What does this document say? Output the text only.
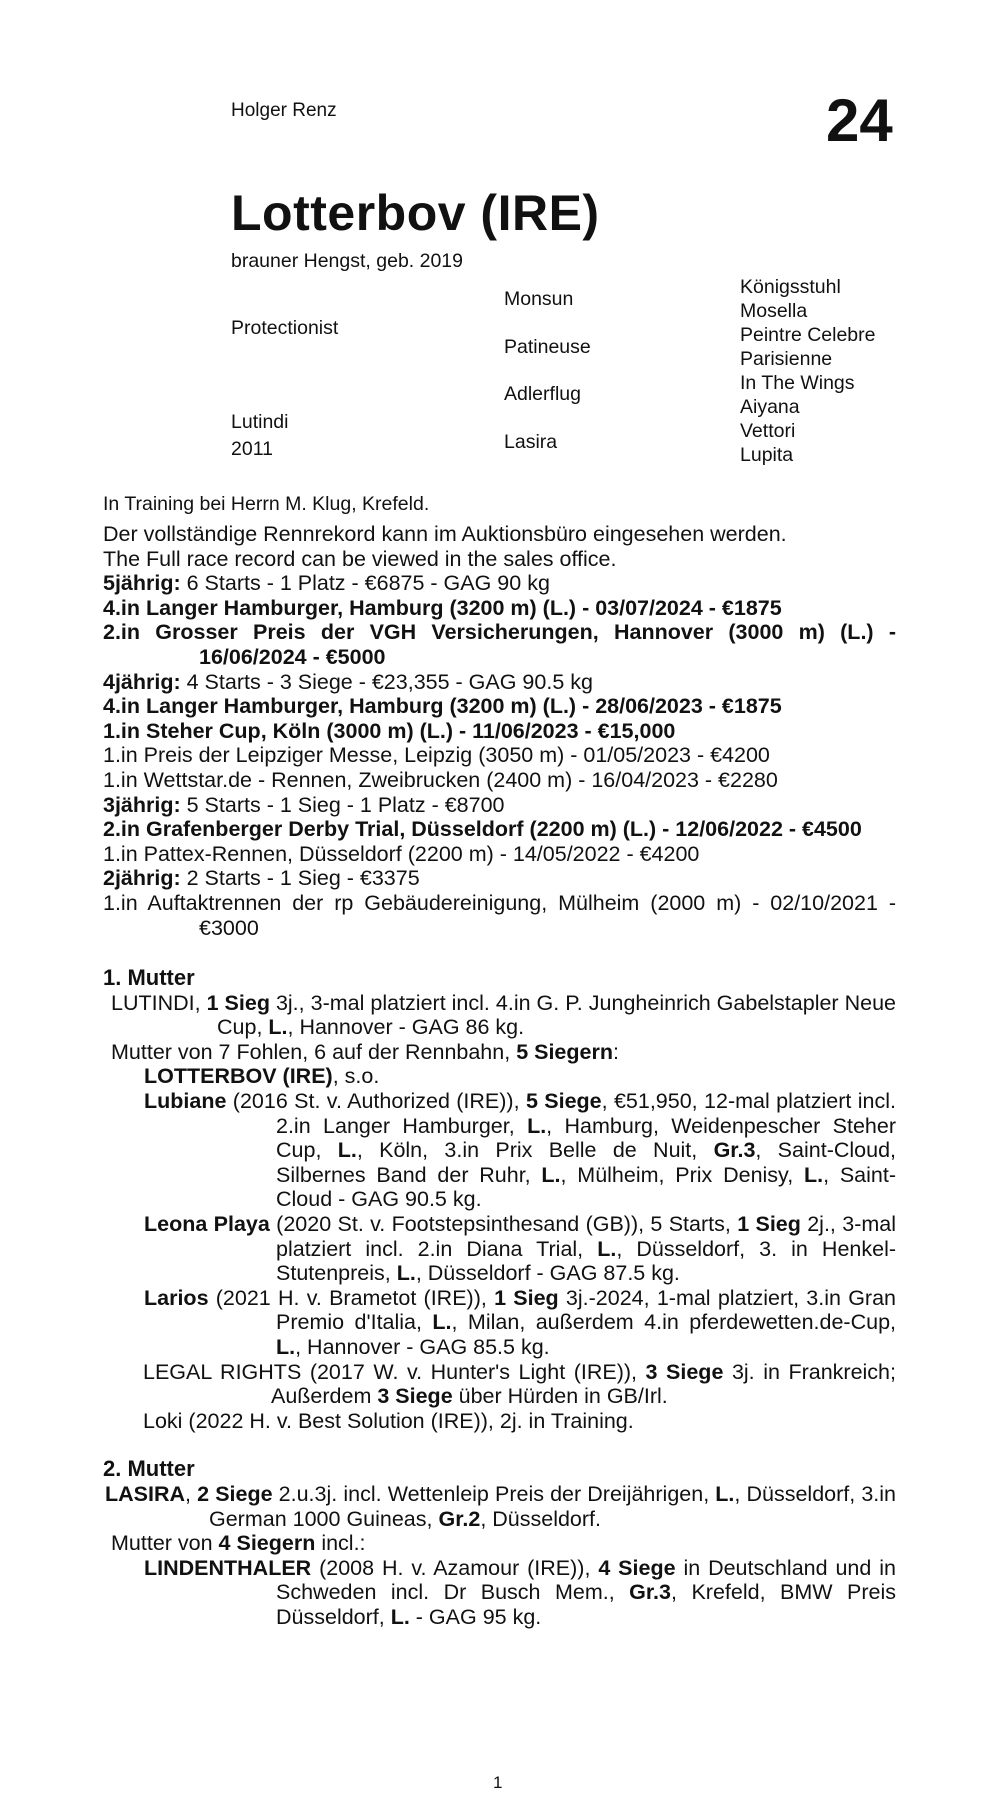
Holger Renz	24
Lotterbov (IRE)
brauner Hengst, geb. 2019
Protectionist
Lutindi
2011
Monsun
Patineuse
Adlerflug
Lasira
Königsstuhl
Mosella
Peintre Celebre
Parisienne
In The Wings
Aiyana
Vettori
Lupita
In Training bei Herrn M. Klug, Krefeld.
Der vollständige Rennrekord kann im Auktionsbüro eingesehen werden.
The Full race record can be viewed in the sales office.
5jährig: 6 Starts - 1 Platz - €6875 - GAG 90 kg
4.in Langer Hamburger, Hamburg (3200 m) (L.) - 03/07/2024 - €1875
2.in Grosser Preis der VGH Versicherungen, Hannover (3000 m) (L.) - 16/06/2024 - €5000
4jährig: 4 Starts - 3 Siege - €23,355 - GAG 90.5 kg
4.in Langer Hamburger, Hamburg (3200 m) (L.) - 28/06/2023 - €1875
1.in Steher Cup, Köln (3000 m) (L.) - 11/06/2023 - €15,000
1.in Preis der Leipziger Messe, Leipzig (3050 m) - 01/05/2023 - €4200
1.in Wettstar.de - Rennen, Zweibrucken (2400 m) - 16/04/2023 - €2280
3jährig: 5 Starts - 1 Sieg - 1 Platz - €8700
2.in Grafenberger Derby Trial, Düsseldorf (2200 m) (L.) - 12/06/2022 - €4500
1.in Pattex-Rennen, Düsseldorf (2200 m) - 14/05/2022 - €4200
2jährig: 2 Starts - 1 Sieg - €3375
1.in Auftaktrennen der rp Gebäudereinigung, Mülheim (2000 m) - 02/10/2021 - €3000
1. Mutter
LUTINDI, 1 Sieg 3j., 3-mal platziert incl. 4.in G. P. Jungheinrich Gabelstapler Neue Cup, L., Hannover - GAG 86 kg.
Mutter von 7 Fohlen, 6 auf der Rennbahn, 5 Siegern:
LOTTERBOV (IRE), s.o.
Lubiane (2016 St. v. Authorized (IRE)), 5 Siege, €51,950, 12-mal platziert incl. 2.in Langer Hamburger, L., Hamburg, Weidenpescher Steher Cup, L., Köln, 3.in Prix Belle de Nuit, Gr.3, Saint-Cloud, Silbernes Band der Ruhr, L., Mülheim, Prix Denisy, L., Saint-Cloud - GAG 90.5 kg.
Leona Playa (2020 St. v. Footstepsinthesand (GB)), 5 Starts, 1 Sieg 2j., 3-mal platziert incl. 2.in Diana Trial, L., Düsseldorf, 3. in Henkel-Stutenpreis, L., Düsseldorf - GAG 87.5 kg.
Larios (2021 H. v. Brametot (IRE)), 1 Sieg 3j.-2024, 1-mal platziert, 3.in Gran Premio d'Italia, L., Milan, außerdem 4.in pferdewetten.de-Cup, L., Hannover - GAG 85.5 kg.
LEGAL RIGHTS (2017 W. v. Hunter's Light (IRE)), 3 Siege 3j. in Frankreich; Außerdem 3 Siege über Hürden in GB/Irl.
Loki (2022 H. v. Best Solution (IRE)), 2j. in Training.
2. Mutter
LASIRA, 2 Siege 2.u.3j. incl. Wettenleip Preis der Dreijährigen, L., Düsseldorf, 3.in German 1000 Guineas, Gr.2, Düsseldorf.
Mutter von 4 Siegern incl.:
LINDENTHALER (2008 H. v. Azamour (IRE)), 4 Siege in Deutschland und in Schweden incl. Dr Busch Mem., Gr.3, Krefeld, BMW Preis Düsseldorf, L. - GAG 95 kg.
1
